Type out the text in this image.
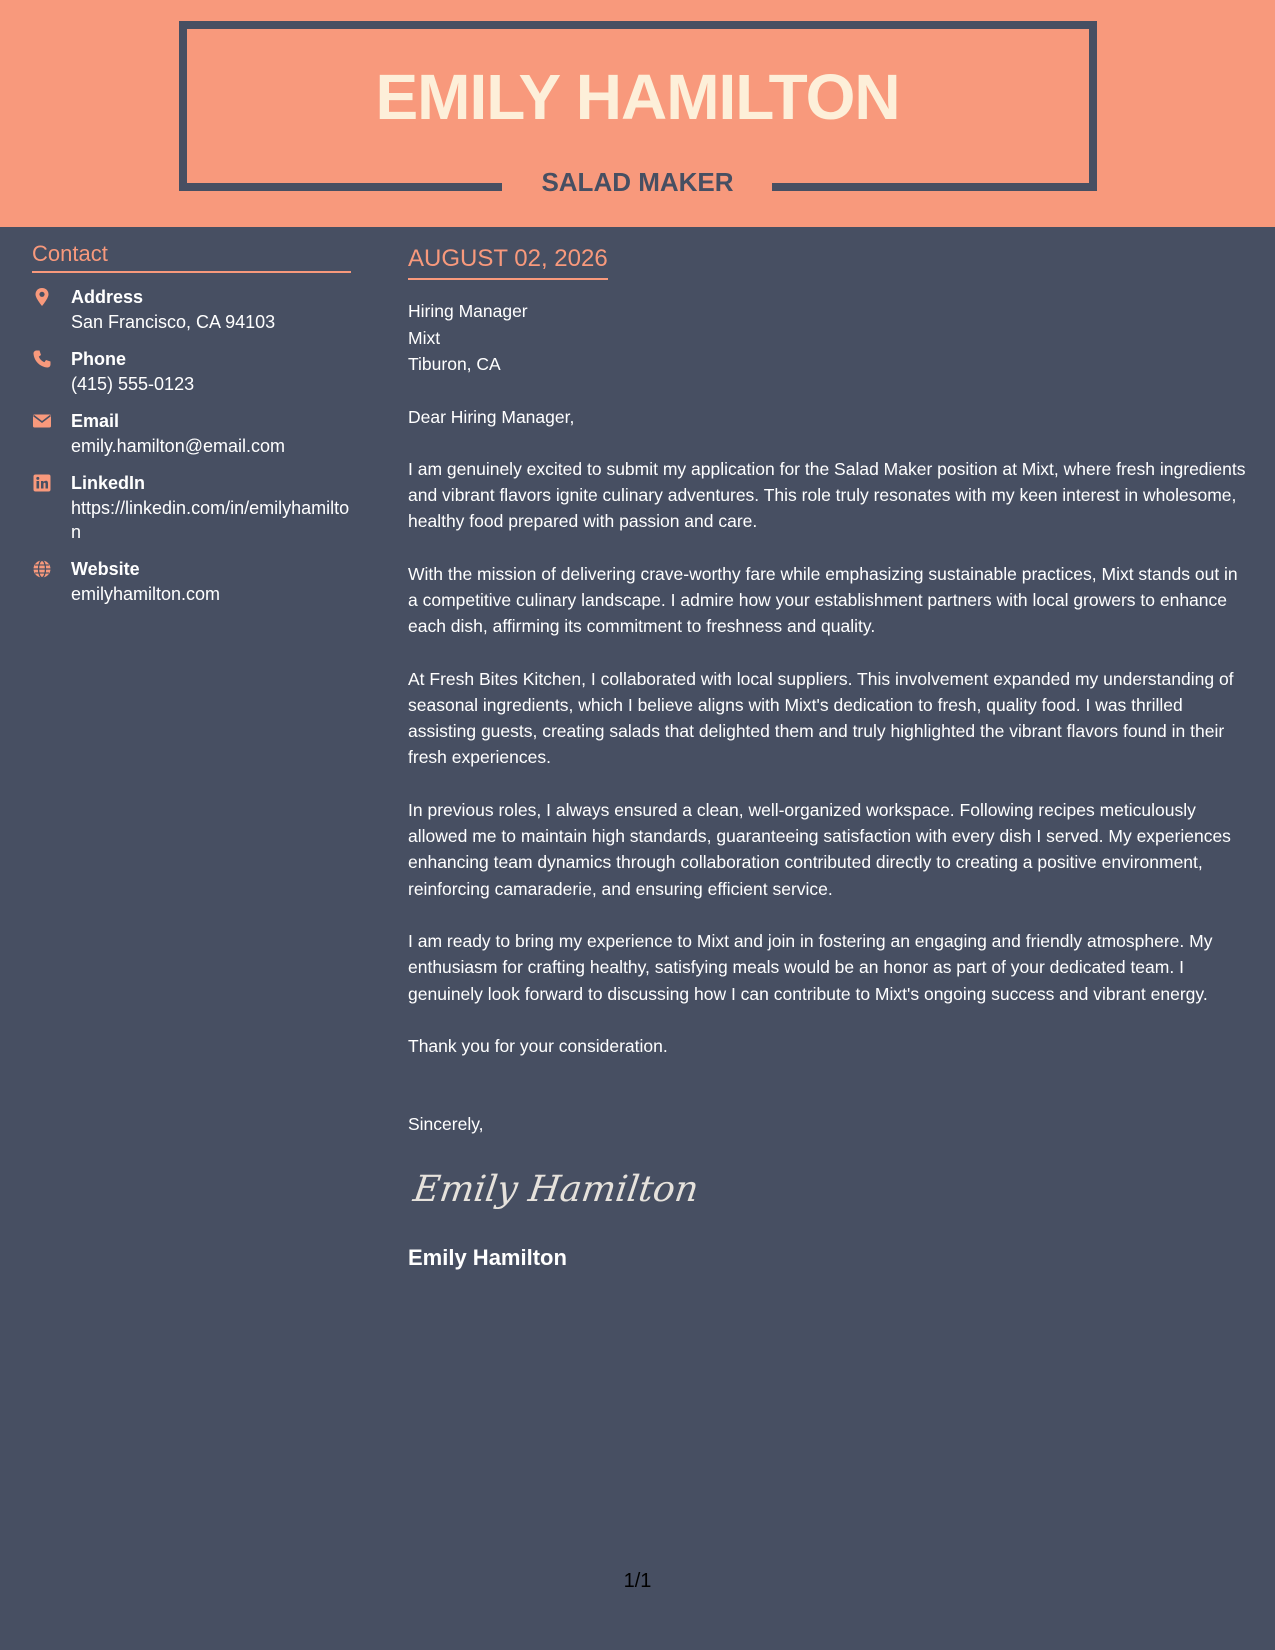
EMILY HAMILTON
SALAD MAKER
Contact
Address
San Francisco, CA 94103
Phone
(415) 555-0123
Email
emily.hamilton@email.com
LinkedIn
https://linkedin.com/in/emilyhamilton
Website
emilyhamilton.com
AUGUST 02, 2026
Hiring Manager
Mixt
Tiburon, CA
Dear Hiring Manager,
I am genuinely excited to submit my application for the Salad Maker position at Mixt, where fresh ingredients and vibrant flavors ignite culinary adventures. This role truly resonates with my keen interest in wholesome, healthy food prepared with passion and care.
With the mission of delivering crave-worthy fare while emphasizing sustainable practices, Mixt stands out in a competitive culinary landscape. I admire how your establishment partners with local growers to enhance each dish, affirming its commitment to freshness and quality.
At Fresh Bites Kitchen, I collaborated with local suppliers. This involvement expanded my understanding of seasonal ingredients, which I believe aligns with Mixt's dedication to fresh, quality food. I was thrilled assisting guests, creating salads that delighted them and truly highlighted the vibrant flavors found in their fresh experiences.
In previous roles, I always ensured a clean, well-organized workspace. Following recipes meticulously allowed me to maintain high standards, guaranteeing satisfaction with every dish I served. My experiences enhancing team dynamics through collaboration contributed directly to creating a positive environment, reinforcing camaraderie, and ensuring efficient service.
I am ready to bring my experience to Mixt and join in fostering an engaging and friendly atmosphere. My enthusiasm for crafting healthy, satisfying meals would be an honor as part of your dedicated team. I genuinely look forward to discussing how I can contribute to Mixt's ongoing success and vibrant energy.
Thank you for your consideration.
Sincerely,
Emily Hamilton
Emily Hamilton
1/1
